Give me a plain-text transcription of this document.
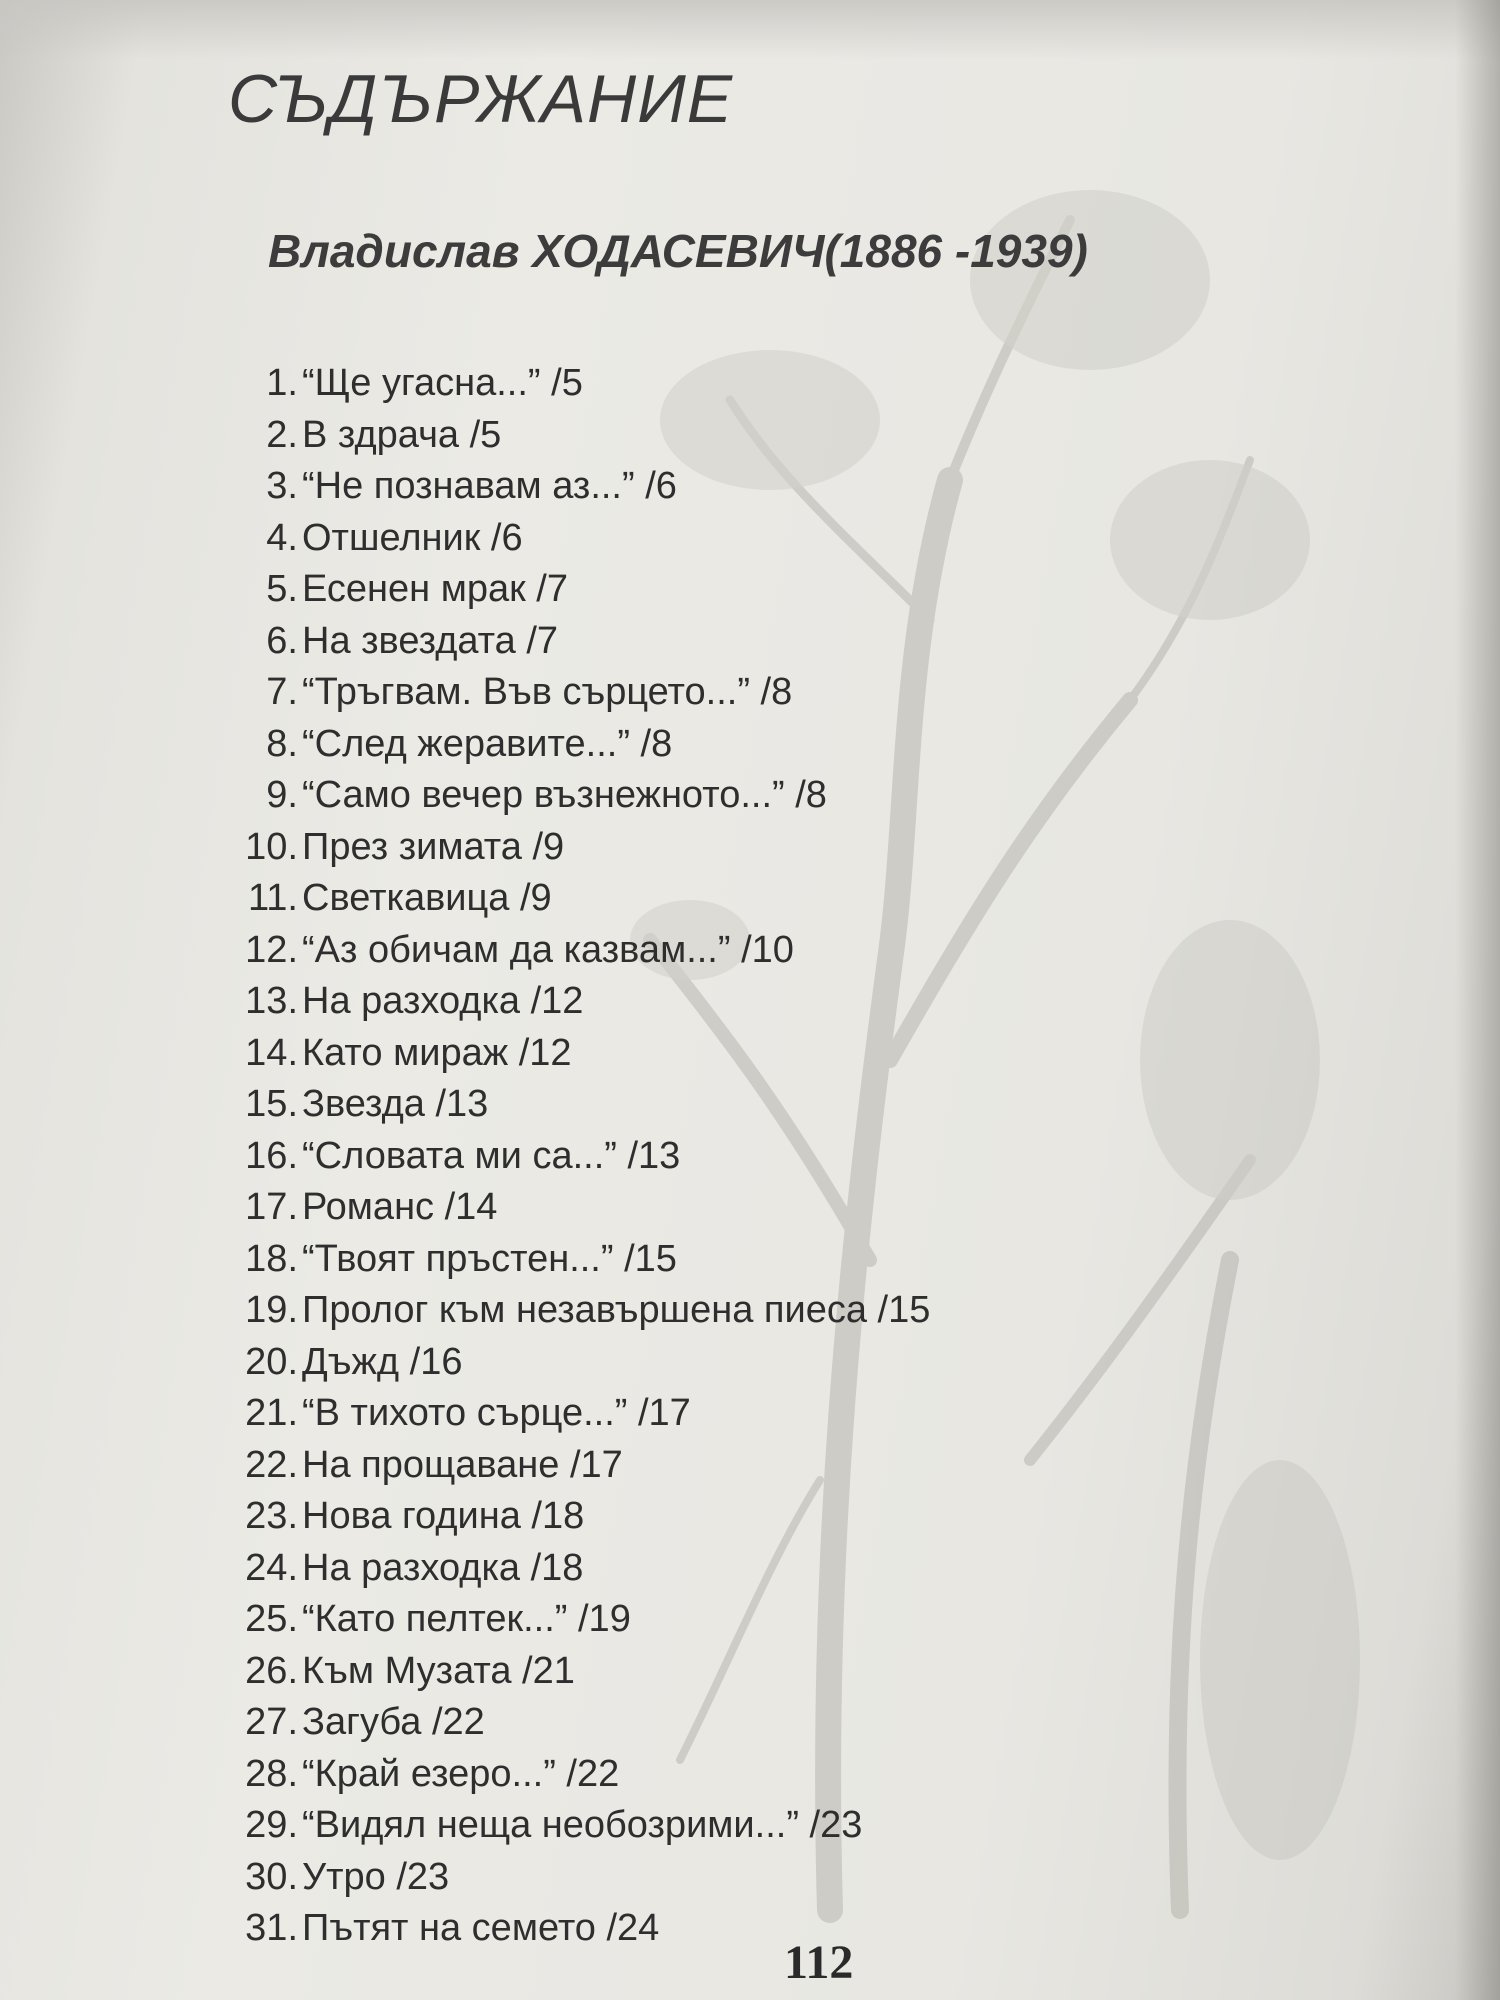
СЪДЪРЖАНИЕ
Владислав ХОДАСЕВИЧ(1886 -1939)
1. “Ще угасна...” /5
2. В здрача /5
3. “Не познавам аз...” /6
4. Отшелник /6
5. Есенен мрак /7
6. На звездата /7
7. “Тръгвам. Във сърцето...” /8
8. “След жеравите...” /8
9. “Само вечер възнежното...” /8
10. През зимата /9
11. Светкавица /9
12. “Аз обичам да казвам...” /10
13. На разходка /12
14. Като мираж /12
15. Звезда /13
16. “Словата ми са...” /13
17. Романс /14
18. “Твоят пръстен...” /15
19. Пролог към незавършена пиеса /15
20. Дъжд /16
21. “В тихото сърце...” /17
22. На прощаване /17
23. Нова година /18
24. На разходка /18
25. “Като пелтек...” /19
26. Към Музата /21
27. Загуба /22
28. “Край езеро...” /22
29. “Видял неща необозрими...” /23
30. Утро /23
31. Пътят на семето /24
112
